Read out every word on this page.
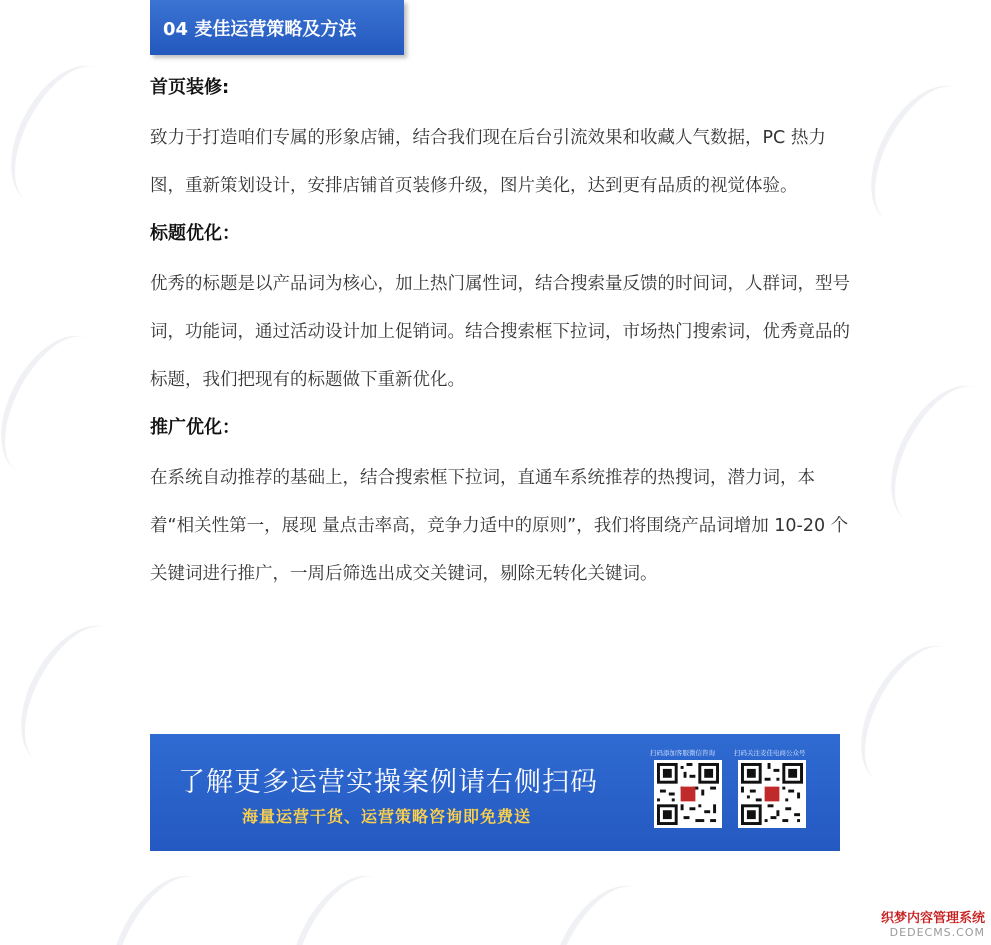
04 麦佳运营策略及方法
首页装修:

致力于打造咱们专属的形象店铺，结合我们现在后台引流效果和收藏人气数据，PC 热力图，重新策划设计，安排店铺首页装修升级，图片美化，达到更有品质的视觉体验。

标题优化：

优秀的标题是以产品词为核心，加上热门属性词，结合搜索量反馈的时间词，人群词，型号词，功能词，通过活动设计加上促销词。结合搜索框下拉词，市场热门搜索词，优秀竟品的标题，我们把现有的标题做下重新优化。

推广优化：

在系统自动推荐的基础上，结合搜索框下拉词，直通车系统推荐的热搜词，潜力词，本着“相关性第一，展现 量点击率高，竞争力适中的原则”，我们将围绕产品词增加 10-20 个关键词进行推广，一周后筛选出成交关键词，剔除无转化关键词。

了解更多运营实操案例请右侧扫码
海量运营干货、运营策略咨询即免费送
扫码添加客服微信咨询	扫码关注麦佳电商公众号
织梦内容管理系统
DEDECMS.COM
